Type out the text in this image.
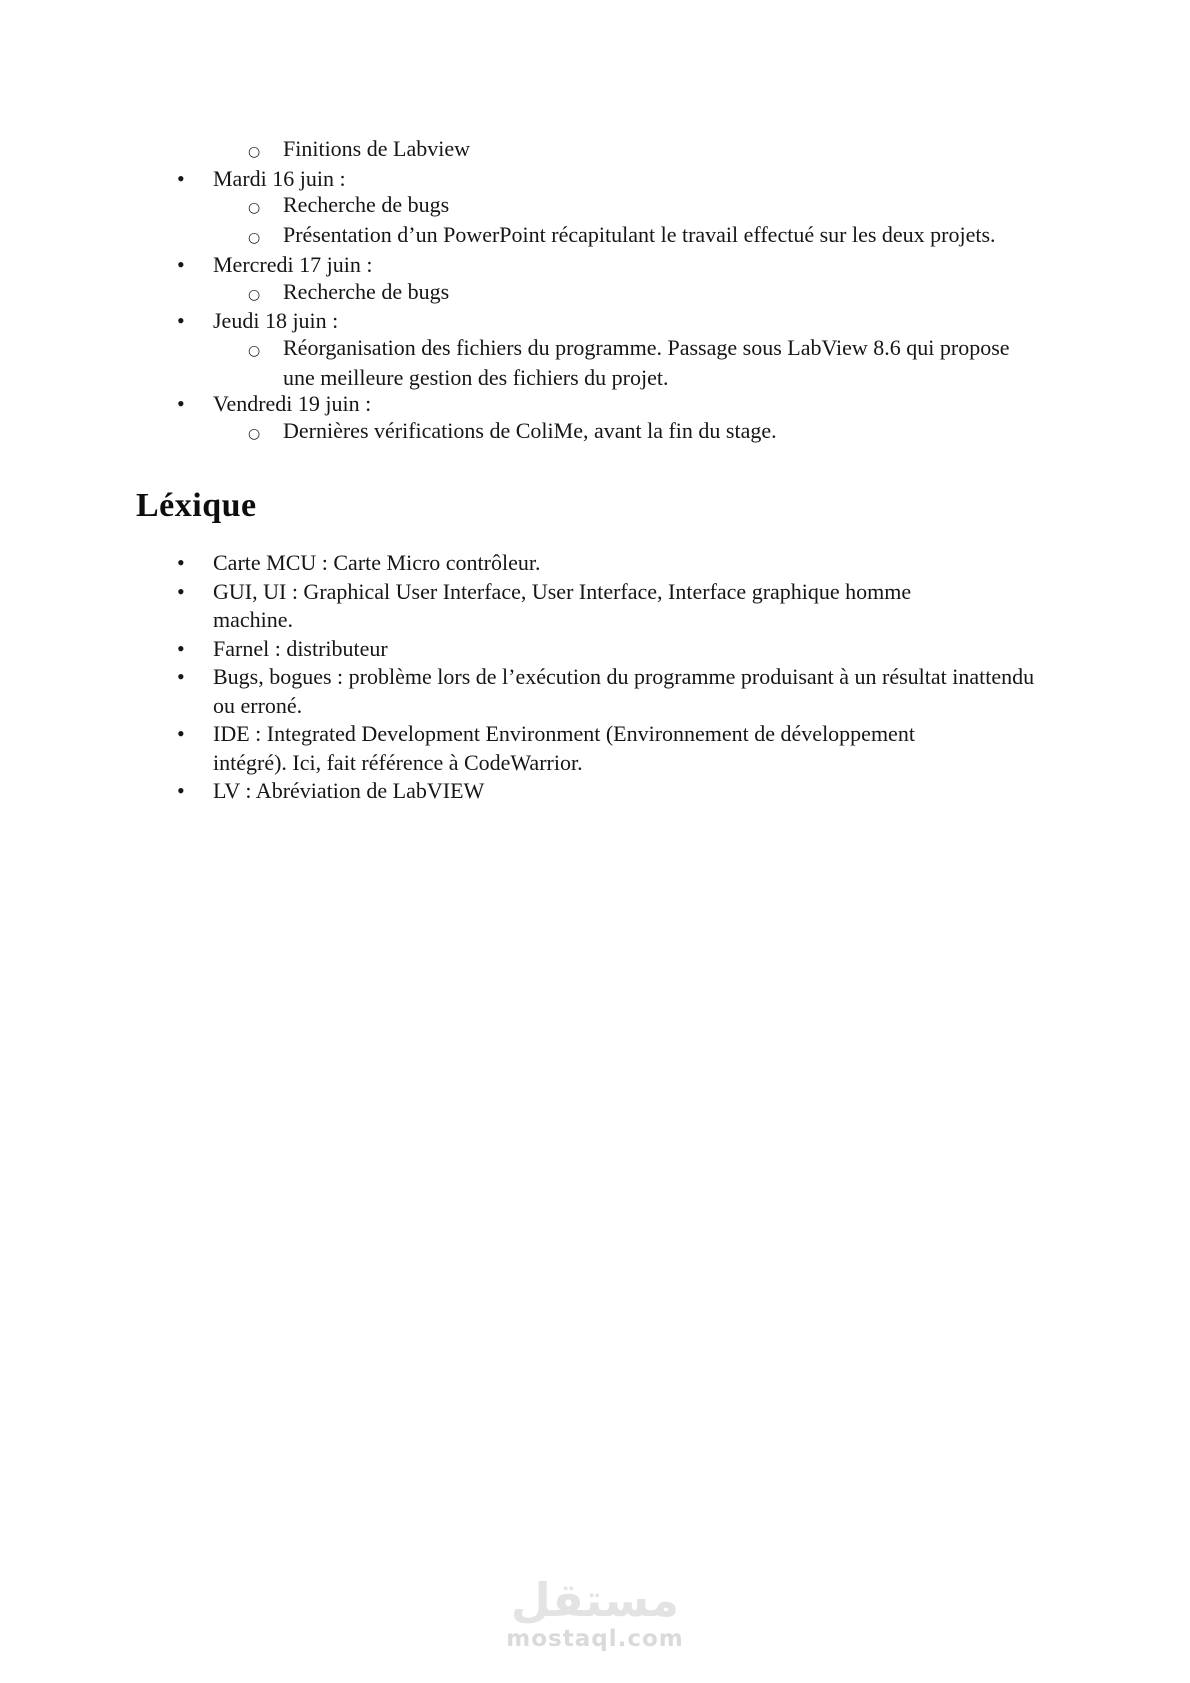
○ Finitions de Labview
• Mardi 16 juin :
○ Recherche de bugs
○ Présentation d’un PowerPoint récapitulant le travail effectué sur les deux projets.
• Mercredi 17 juin :
○ Recherche de bugs
• Jeudi 18 juin :
○ Réorganisation des fichiers du programme. Passage sous LabView 8.6 qui propose une meilleure gestion des fichiers du projet.
• Vendredi 19 juin :
○ Dernières vérifications de ColiMe, avant la fin du stage.
Léxique
• Carte MCU : Carte Micro contrôleur.
• GUI, UI : Graphical User Interface, User Interface, Interface graphique homme machine.
• Farnel : distributeur
• Bugs, bogues : problème lors de l’exécution du programme produisant à un résultat inattendu ou erroné.
• IDE : Integrated Development Environment (Environnement de développement intégré). Ici, fait référence à CodeWarrior.
• LV : Abréviation de LabVIEW
مستقل
mostaql.com
